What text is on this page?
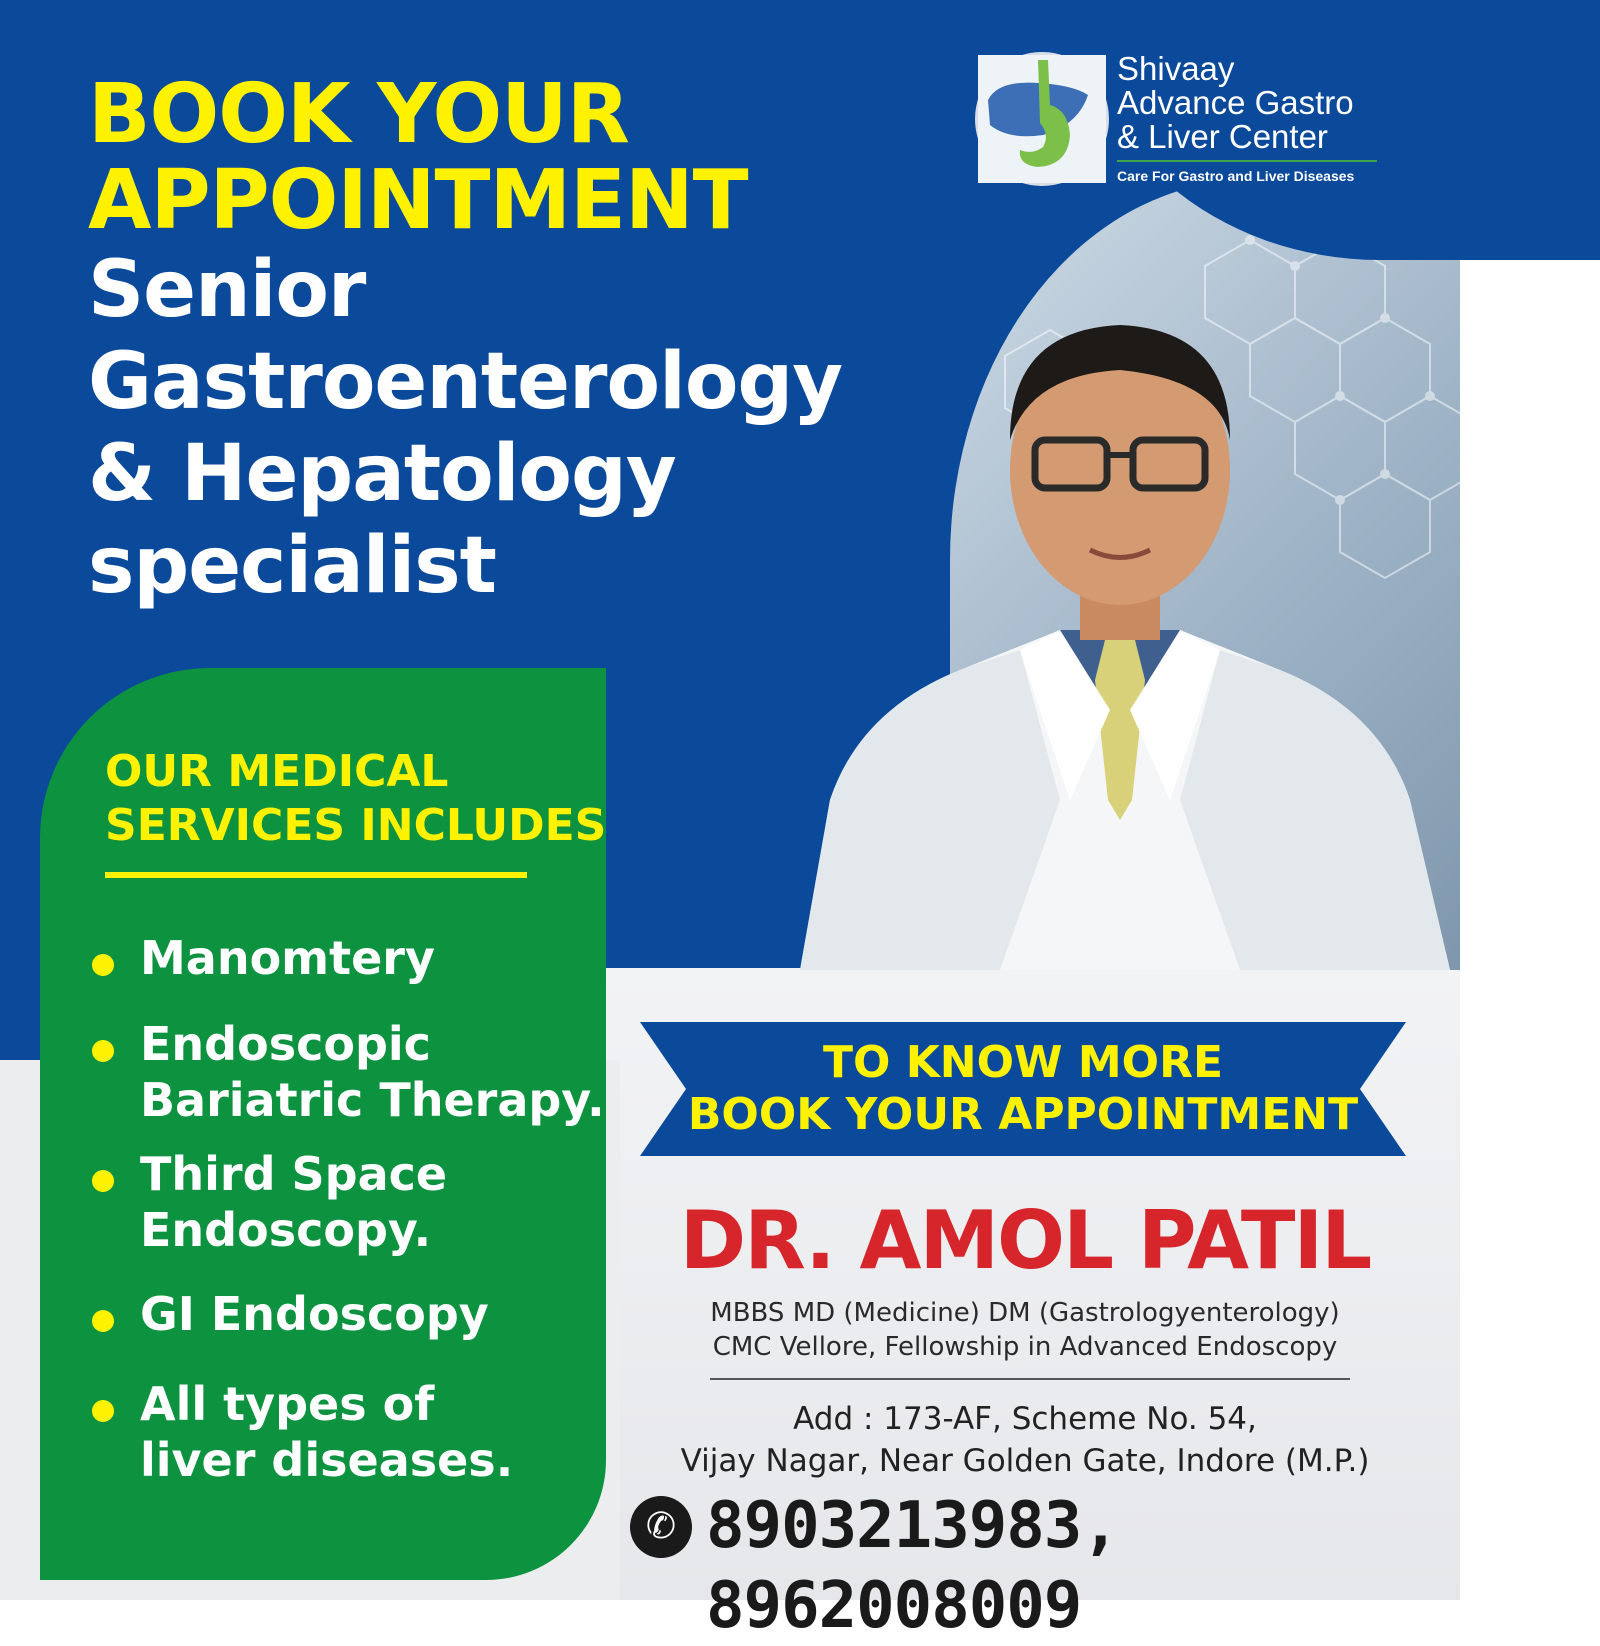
BOOK YOUR
APPOINTMENT
Senior
Gastroenterology
& Hepatology
specialist
Shivaay
Advance Gastro
& Liver Center
Care For Gastro and Liver Diseases
OUR MEDICAL
SERVICES INCLUDES
Manomtery
Endoscopic
Bariatric Therapy.
Third Space
Endoscopy.
GI Endoscopy
All types of
liver diseases.
TO KNOW MORE
BOOK YOUR APPOINTMENT
DR. AMOL PATIL
MBBS MD (Medicine) DM (Gastrologyenterology)
CMC Vellore, Fellowship in Advanced Endoscopy
Add : 173-AF, Scheme No. 54,
Vijay Nagar, Near Golden Gate, Indore (M.P.)
✆ 8903213983, 8962008009
